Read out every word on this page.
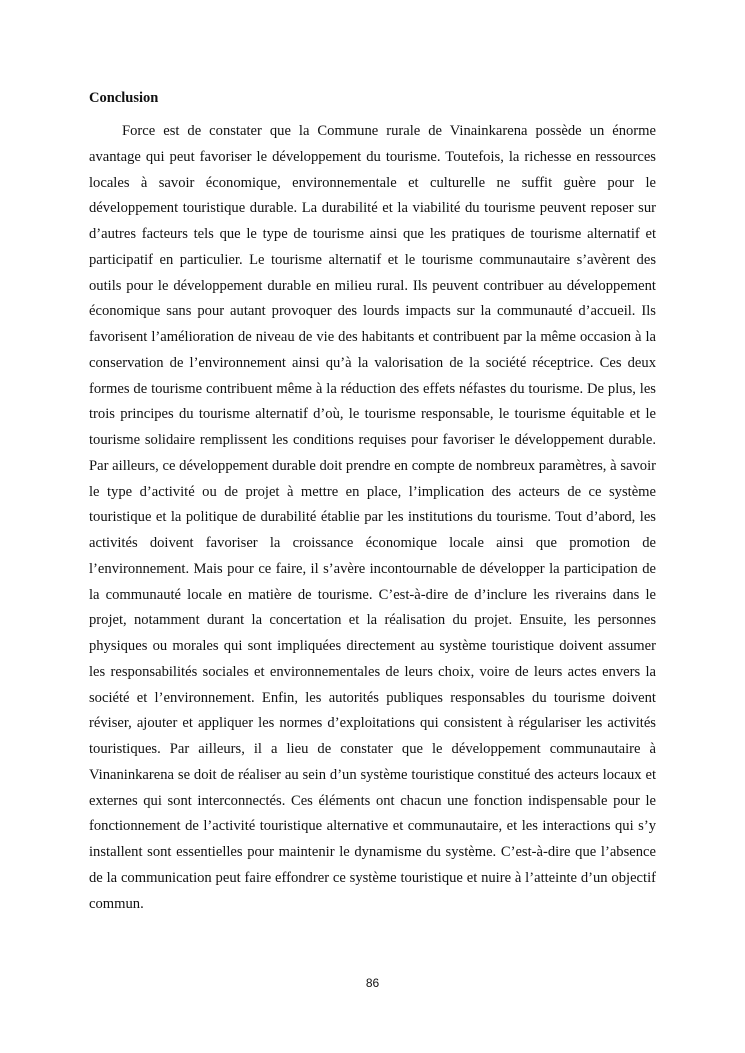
Conclusion

Force est de constater que la Commune rurale de Vinainkarena possède un énorme avantage qui peut favoriser le développement du tourisme. Toutefois, la richesse en ressources locales à savoir économique, environnementale et culturelle ne suffit guère pour le développement touristique durable. La durabilité et la viabilité du tourisme peuvent reposer sur d’autres facteurs tels que le type de tourisme ainsi que les pratiques de tourisme alternatif et participatif en particulier. Le tourisme alternatif et le tourisme communautaire s’avèrent des outils pour le développement durable en milieu rural. Ils peuvent contribuer au développement économique sans pour autant provoquer des lourds impacts sur la communauté d’accueil. Ils favorisent l’amélioration de niveau de vie des habitants et contribuent par la même occasion à la conservation de l’environnement ainsi qu’à la valorisation de la société réceptrice. Ces deux formes de tourisme contribuent même à la réduction des effets néfastes du tourisme. De plus, les trois principes du tourisme alternatif d’où, le tourisme responsable, le tourisme équitable et le tourisme solidaire remplissent les conditions requises pour favoriser le développement durable. Par ailleurs, ce développement durable doit prendre en compte de nombreux paramètres, à savoir le type d’activité ou de projet à mettre en place, l’implication des acteurs de ce système touristique et la politique de durabilité établie par les institutions du tourisme. Tout d’abord, les activités doivent favoriser la croissance économique locale ainsi que promotion de l’environnement. Mais pour ce faire, il s’avère incontournable de développer la participation de la communauté locale en matière de tourisme. C’est-à-dire de d’inclure les riverains dans le projet, notamment durant la concertation et la réalisation du projet. Ensuite, les personnes physiques ou morales qui sont impliquées directement au système touristique doivent assumer les responsabilités sociales et environnementales de leurs choix, voire de leurs actes envers la société et l’environnement. Enfin, les autorités publiques responsables du tourisme doivent réviser, ajouter et appliquer les normes d’exploitations qui consistent à régulariser les activités touristiques. Par ailleurs, il a lieu de constater que le développement communautaire à Vinaninkarena se doit de réaliser au sein d’un système touristique constitué des acteurs locaux et externes qui sont interconnectés. Ces éléments ont chacun une fonction indispensable pour le fonctionnement de l’activité touristique alternative et communautaire, et les interactions qui s’y installent sont essentielles pour maintenir le dynamisme du système. C’est-à-dire que l’absence de la communication peut faire effondrer ce système touristique et nuire à l’atteinte d’un objectif commun.

86
